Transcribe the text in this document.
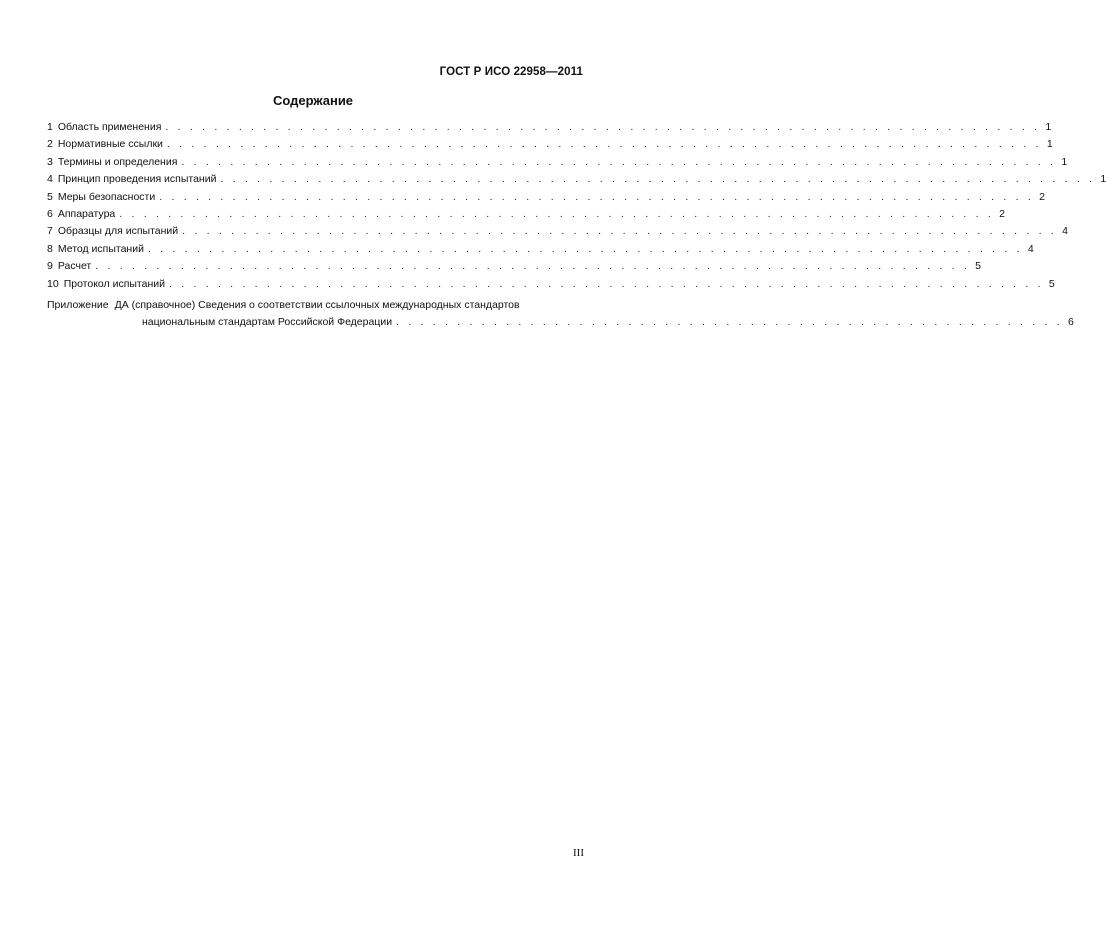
ГОСТ Р ИСО 22958—2011
Содержание
1 Область применения . . . . . . . . . . . . . . . . . . . . . . . . . . . . . . . . . . . . . . . . . . . . . . . . . . . . . . . . . . . . . . . . . . . . . . . . 1
2 Нормативные ссылки . . . . . . . . . . . . . . . . . . . . . . . . . . . . . . . . . . . . . . . . . . . . . . . . . . . . . . . . . . . . . . . . . . . . . . . . 1
3 Термины и определения . . . . . . . . . . . . . . . . . . . . . . . . . . . . . . . . . . . . . . . . . . . . . . . . . . . . . . . . . . . . . . . . . . . . . . . . 1
4 Принцип проведения испытаний . . . . . . . . . . . . . . . . . . . . . . . . . . . . . . . . . . . . . . . . . . . . . . . . . . . . . . . . . . . . . . . . . . . . . . . . 1
5 Меры безопасности . . . . . . . . . . . . . . . . . . . . . . . . . . . . . . . . . . . . . . . . . . . . . . . . . . . . . . . . . . . . . . . . . . . . . . . . 2
6 Аппаратура . . . . . . . . . . . . . . . . . . . . . . . . . . . . . . . . . . . . . . . . . . . . . . . . . . . . . . . . . . . . . . . . . . . . . . . . 2
7 Образцы для испытаний . . . . . . . . . . . . . . . . . . . . . . . . . . . . . . . . . . . . . . . . . . . . . . . . . . . . . . . . . . . . . . . . . . . . . . . . 4
8 Метод испытаний . . . . . . . . . . . . . . . . . . . . . . . . . . . . . . . . . . . . . . . . . . . . . . . . . . . . . . . . . . . . . . . . . . . . . . . . 4
9 Расчет . . . . . . . . . . . . . . . . . . . . . . . . . . . . . . . . . . . . . . . . . . . . . . . . . . . . . . . . . . . . . . . . . . . . . . . . 5
10 Протокол испытаний . . . . . . . . . . . . . . . . . . . . . . . . . . . . . . . . . . . . . . . . . . . . . . . . . . . . . . . . . . . . . . . . . . . . . . . . 5
Приложение ДА (справочное) Сведения о соответствии ссылочных международных стандартов
национальным стандартам Российской Федерации . . . . . . . . . . . . . . . . . . . . . . . . . . . . . . . . . . . . . . . . . . . . . . . . . . . . . . . 6
III
